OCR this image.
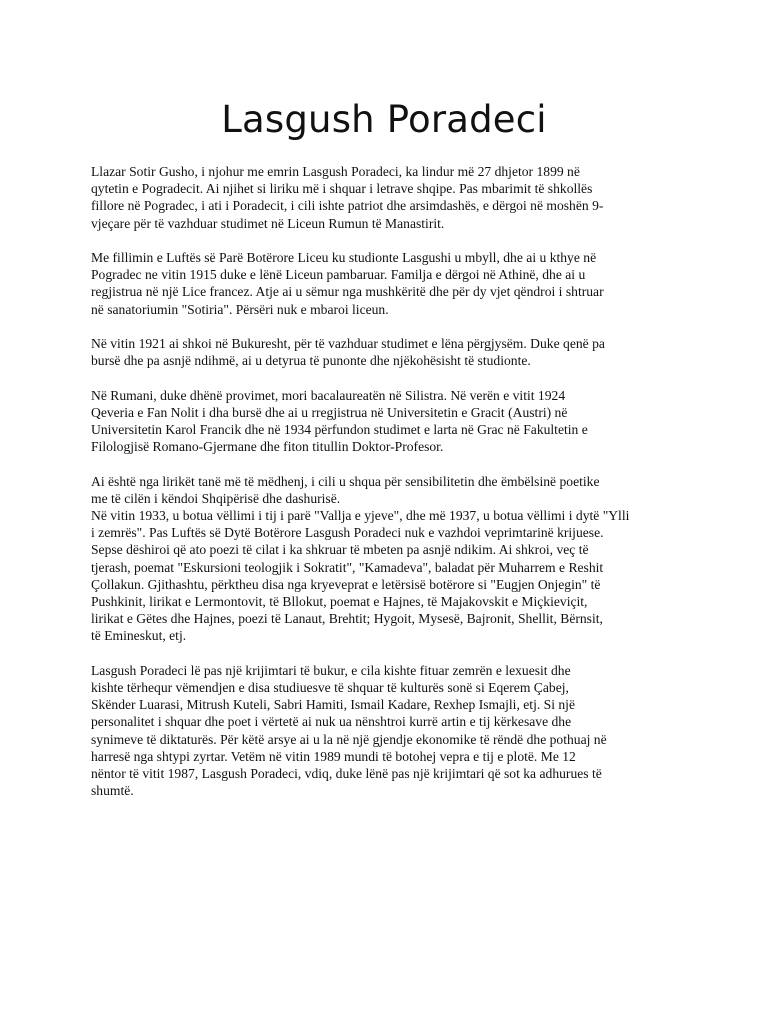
Lasgush Poradeci

Llazar Sotir Gusho, i njohur me emrin Lasgush Poradeci, ka lindur më 27 dhjetor 1899 në
qytetin e Pogradecit. Ai njihet si liriku më i shquar i letrave shqipe. Pas mbarimit të shkollës
fillore në Pogradec, i ati i Poradecit, i cili ishte patriot dhe arsimdashës, e dërgoi në moshën 9-
vjeçare për të vazhduar studimet në Liceun Rumun të Manastirit.

Me fillimin e Luftës së Parë Botërore Liceu ku studionte Lasgushi u mbyll, dhe ai u kthye në
Pogradec ne vitin 1915 duke e lënë Liceun pambaruar. Familja e dërgoi në Athinë, dhe ai u
regjistrua në një Lice francez. Atje ai u sëmur nga mushkëritë dhe për dy vjet qëndroi i shtruar
në sanatoriumin "Sotiria". Përsëri nuk e mbaroi liceun.

Në vitin 1921 ai shkoi në Bukuresht, për të vazhduar studimet e lëna përgjysëm. Duke qenë pa
bursë dhe pa asnjë ndihmë, ai u detyrua të punonte dhe njëkohësisht të studionte.

Në Rumani, duke dhënë provimet, mori bacalaureatën në Silistra. Në verën e vitit 1924
Qeveria e Fan Nolit i dha bursë dhe ai u rregjistrua në Universitetin e Gracit (Austri) në
Universitetin Karol Francik dhe në 1934 përfundon studimet e larta në Grac në Fakultetin e
Filologjisë Romano-Gjermane dhe fiton titullin Doktor-Profesor.

Ai është nga lirikët tanë më të mëdhenj, i cili u shqua për sensibilitetin dhe ëmbëlsinë poetike
me të cilën i këndoi Shqipërisë dhe dashurisë.

Në vitin 1933, u botua vëllimi i tij i parë "Vallja e yjeve", dhe më 1937, u botua vëllimi i dytë "Ylli
i zemrës". Pas Luftës së Dytë Botërore Lasgush Poradeci nuk e vazhdoi veprimtarinë krijuese.
Sepse dëshiroi që ato poezi të cilat i ka shkruar të mbeten pa asnjë ndikim. Ai shkroi, veç të
tjerash, poemat "Eskursioni teologjik i Sokratit", "Kamadeva", baladat për Muharrem e Reshit
Çollakun. Gjithashtu, përktheu disa nga kryeveprat e letërsisë botërore si "Eugjen Onjegin" të
Pushkinit, lirikat e Lermontovit, të Bllokut, poemat e Hajnes, të Majakovskit e Miçkieviçit,
lirikat e Gëtes dhe Hajnes, poezi të Lanaut, Brehtit; Hygoit, Mysesë, Bajronit, Shellit, Bërnsit,
të Emineskut, etj.

Lasgush Poradeci lë pas një krijimtari të bukur, e cila kishte fituar zemrën e lexuesit dhe
kishte tërhequr vëmendjen e disa studiuesve të shquar të kulturës sonë si Eqerem Çabej,
Skënder Luarasi, Mitrush Kuteli, Sabri Hamiti, Ismail Kadare, Rexhep Ismajli, etj. Si një
personalitet i shquar dhe poet i vërtetë ai nuk ua nënshtroi kurrë artin e tij kërkesave dhe
synimeve të diktaturës. Për këtë arsye ai u la në një gjendje ekonomike të rëndë dhe pothuaj në
harresë nga shtypi zyrtar. Vetëm në vitin 1989 mundi të botohej vepra e tij e plotë. Me 12
nëntor të vitit 1987, Lasgush Poradeci, vdiq, duke lënë pas një krijimtari që sot ka adhurues të
shumtë.
